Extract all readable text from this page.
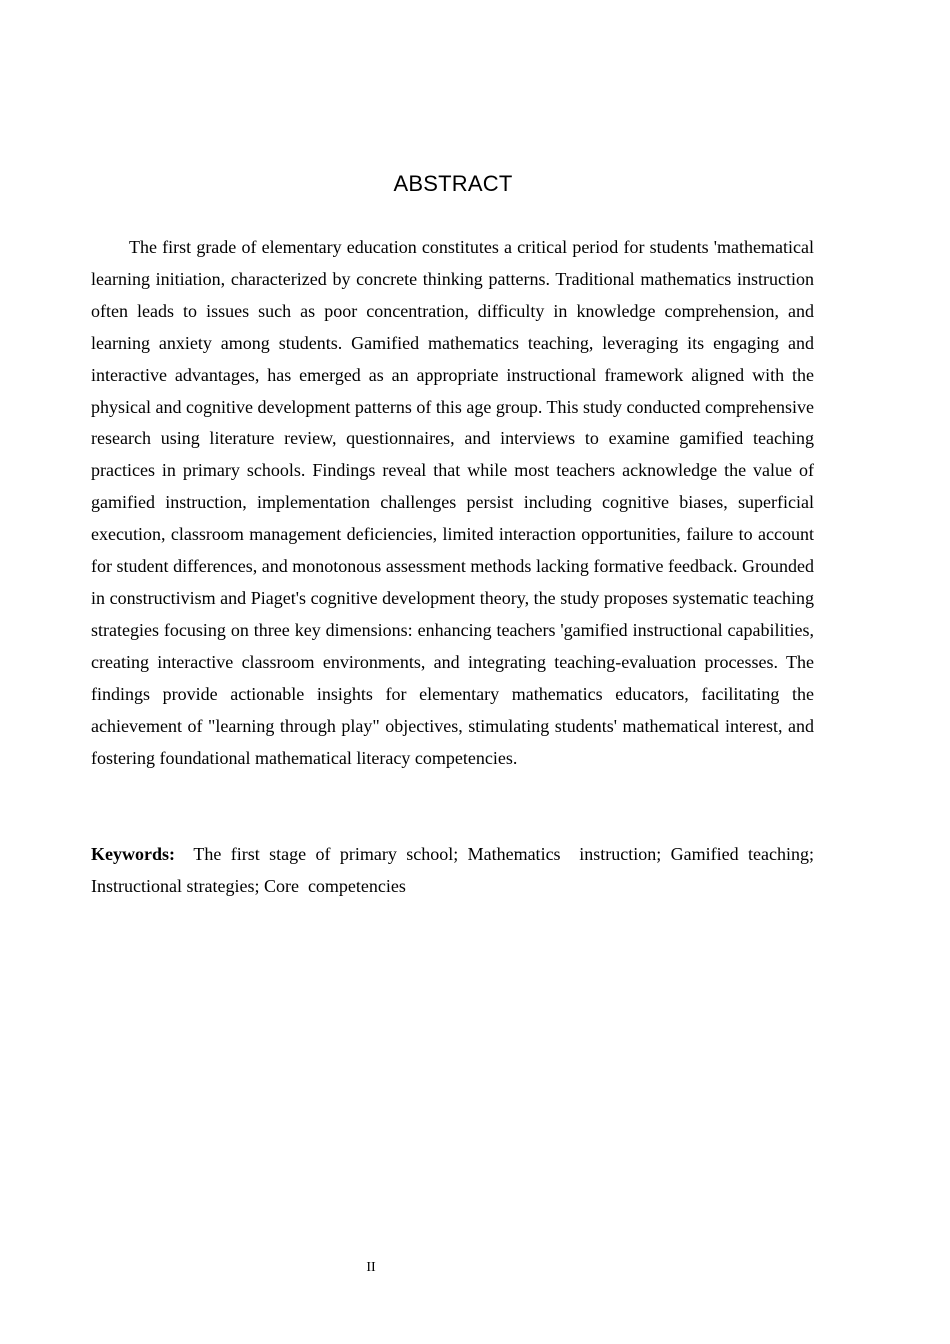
ABSTRACT

The first grade of elementary education constitutes a critical period for students 'mathematical learning initiation, characterized by concrete thinking patterns. Traditional mathematics instruction often leads to issues such as poor concentration, difficulty in knowledge comprehension, and learning anxiety among students. Gamified mathematics teaching, leveraging its engaging and interactive advantages, has emerged as an appropriate instructional framework aligned with the physical and cognitive development patterns of this age group. This study conducted comprehensive research using literature review, questionnaires, and interviews to examine gamified teaching practices in primary schools. Findings reveal that while most teachers acknowledge the value of gamified instruction, implementation challenges persist including cognitive biases, superficial execution, classroom management deficiencies, limited interaction opportunities, failure to account for student differences, and monotonous assessment methods lacking formative feedback. Grounded in constructivism and Piaget's cognitive development theory, the study proposes systematic teaching strategies focusing on three key dimensions: enhancing teachers 'gamified instructional capabilities, creating interactive classroom environments, and integrating teaching-evaluation processes. The findings provide actionable insights for elementary mathematics educators, facilitating the achievement of "learning through play" objectives, stimulating students' mathematical interest, and fostering foundational mathematical literacy competencies.

Keywords:  The first stage of primary school; Mathematics  instruction; Gamified teaching; Instructional strategies; Core  competencies

II
